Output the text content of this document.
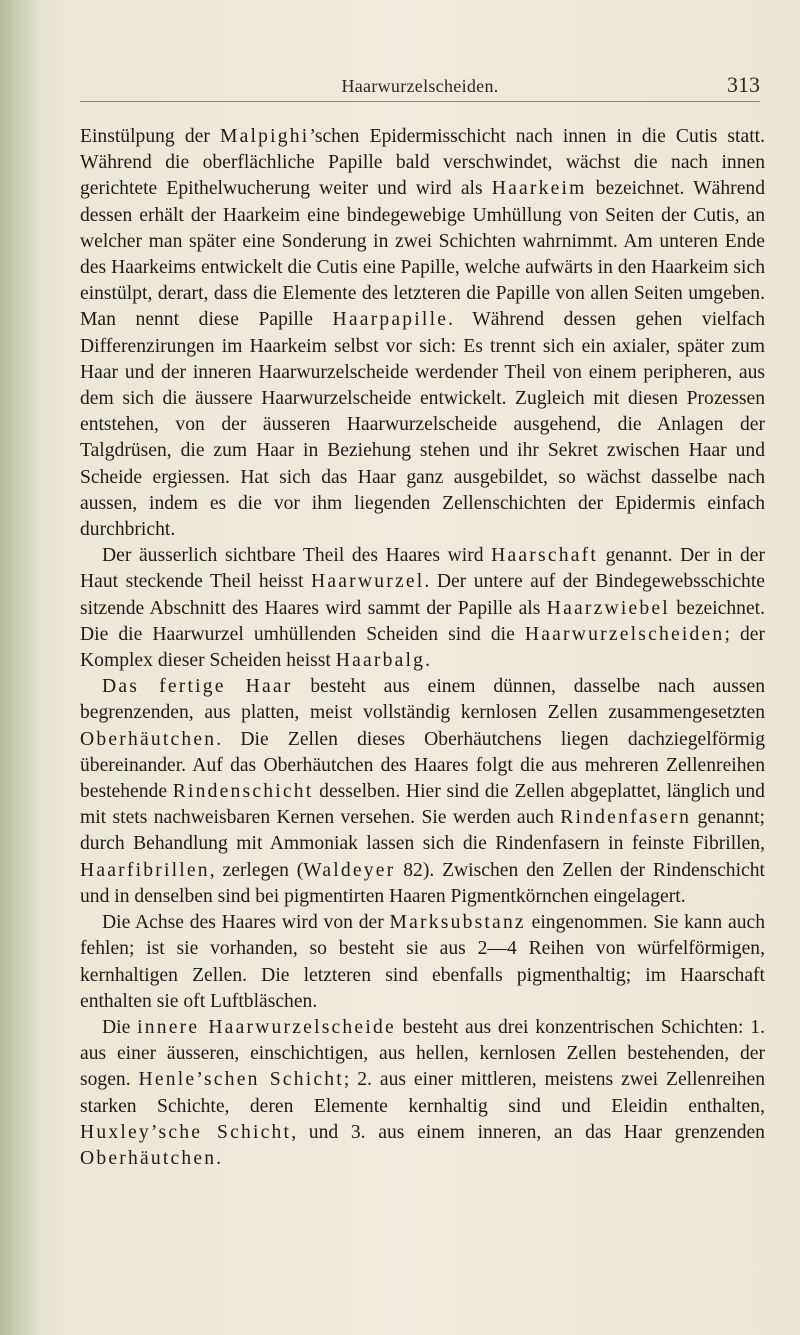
Haarwurzelscheiden.	313

Einstülpung der Malpighi’schen Epidermisschicht nach innen in die Cutis statt. Während die oberflächliche Papille bald verschwindet, wächst die nach innen gerichtete Epithelwucherung weiter und wird als Haarkeim bezeichnet. Während dessen erhält der Haarkeim eine bindegewebige Umhüllung von Seiten der Cutis, an welcher man später eine Sonderung in zwei Schichten wahrnimmt. Am unteren Ende des Haarkeims entwickelt die Cutis eine Papille, welche aufwärts in den Haarkeim sich einstülpt, derart, dass die Elemente des letzteren die Papille von allen Seiten umgeben. Man nennt diese Papille Haarpapille. Während dessen gehen vielfach Differenzirungen im Haarkeim selbst vor sich: Es trennt sich ein axialer, später zum Haar und der inneren Haarwurzelscheide werdender Theil von einem peripheren, aus dem sich die äussere Haarwurzelscheide entwickelt. Zugleich mit diesen Prozessen entstehen, von der äusseren Haarwurzelscheide ausgehend, die Anlagen der Talgdrüsen, die zum Haar in Beziehung stehen und ihr Sekret zwischen Haar und Scheide ergiessen. Hat sich das Haar ganz ausgebildet, so wächst dasselbe nach aussen, indem es die vor ihm liegenden Zellenschichten der Epidermis einfach durchbricht.

Der äusserlich sichtbare Theil des Haares wird Haarschaft genannt. Der in der Haut steckende Theil heisst Haarwurzel. Der untere auf der Bindegewebsschichte sitzende Abschnitt des Haares wird sammt der Papille als Haarzwiebel bezeichnet. Die die Haarwurzel umhüllenden Scheiden sind die Haarwurzelscheiden; der Komplex dieser Scheiden heisst Haarbalg.

Das fertige Haar besteht aus einem dünnen, dasselbe nach aussen begrenzenden, aus platten, meist vollständig kernlosen Zellen zusammengesetzten Oberhäutchen. Die Zellen dieses Oberhäutchens liegen dachziegelförmig übereinander. Auf das Oberhäutchen des Haares folgt die aus mehreren Zellenreihen bestehende Rindenschicht desselben. Hier sind die Zellen abgeplattet, länglich und mit stets nachweisbaren Kernen versehen. Sie werden auch Rindenfasern genannt; durch Behandlung mit Ammoniak lassen sich die Rindenfasern in feinste Fibrillen, Haarfibrillen, zerlegen (Waldeyer 82). Zwischen den Zellen der Rindenschicht und in denselben sind bei pigmentirten Haaren Pigmentkörnchen eingelagert.

Die Achse des Haares wird von der Marksubstanz eingenommen. Sie kann auch fehlen; ist sie vorhanden, so besteht sie aus 2—4 Reihen von würfelförmigen, kernhaltigen Zellen. Die letzteren sind ebenfalls pigmenthaltig; im Haarschaft enthalten sie oft Luftbläschen.

Die innere Haarwurzelscheide besteht aus drei konzentrischen Schichten: 1. aus einer äusseren, einschichtigen, aus hellen, kernlosen Zellen bestehenden, der sogen. Henle’schen Schicht; 2. aus einer mittleren, meistens zwei Zellenreihen starken Schichte, deren Elemente kernhaltig sind und Eleidin enthalten, Huxley’sche Schicht, und 3. aus einem inneren, an das Haar grenzenden Oberhäutchen.
